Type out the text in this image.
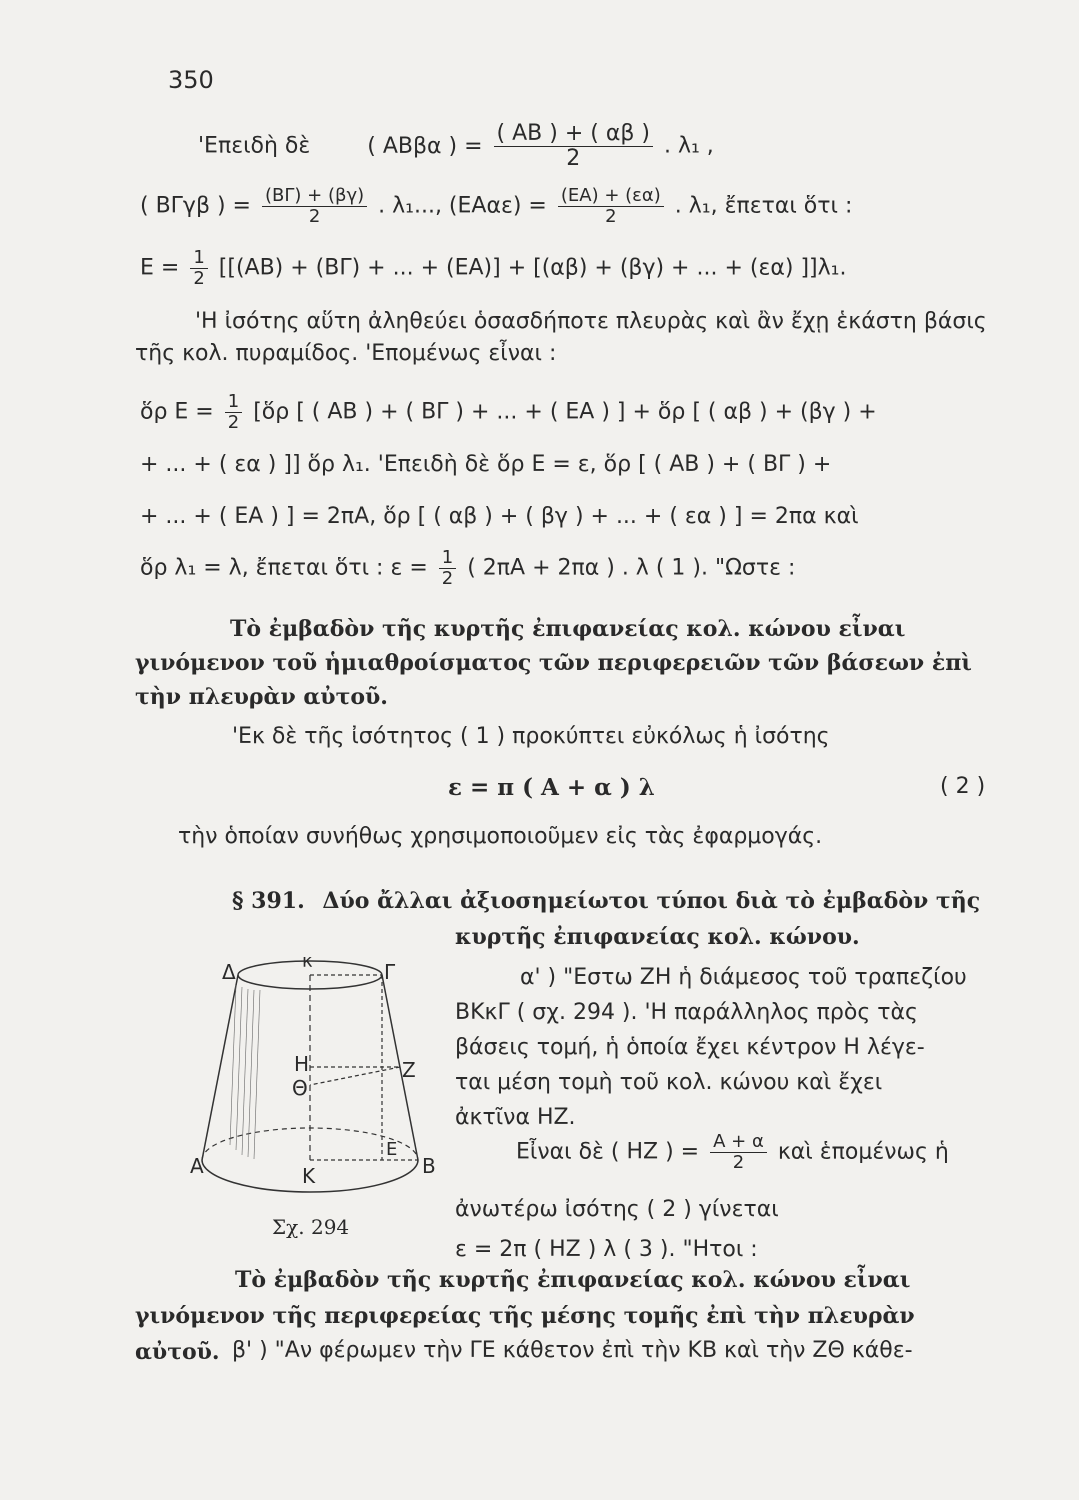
350
'Επειδὴ δὲ	( ΑΒβα ) = $\frac{( AB ) + ( \alpha\beta )}{2}$ . λ₁ ,
( ΒΓγβ ) = $\frac{(B\Gamma) + (\beta\gamma)}{2}$ . λ₁..., $(EA\alpha\varepsilon) = \frac{(EA) + (\varepsilon\alpha)}{2}$ . λ₁, ἔπεται ὅτι :
$E = \frac{1}{2} [[(AB) + (B\Gamma)$ + ... + (ΕΑ)] + [(αβ) + (βγ) + ... + (εα) ]]λ₁.
'Η ἰσότης αὕτη ἀληθεύει ὁσασδήποτε πλευρὰς καὶ ἂν ἔχῃ ἑκάστη βάσις τῆς κολ. πυραμίδος. 'Επομένως εἶναι :
ὅρ $E = \frac{1}{2}$ [ὅρ [ ( ΑΒ ) + ( ΒΓ ) + ... + ( ΕΑ ) ] + ὅρ [ ( αβ ) + (βγ ) +
+ ... + ( εα ) ]] ὅρ λ₁. 'Επειδὴ δὲ ὅρ Ε = ε, ὅρ [ ( ΑΒ ) + ( ΒΓ ) +
+ ... + ( ΕΑ ) ] = 2πΑ, ὅρ [ ( αβ ) + ( βγ ) + ... + ( εα ) ] = 2πα καὶ
ὅρ λ₁ = λ, ἔπεται ὅτι : $\varepsilon = \frac{1}{2}$ ( 2πΑ + 2πα ) . λ ( 1 ). "Ωστε :
Τὸ ἐμβαδὸν τῆς κυρτῆς ἐπιφανείας κολ. κώνου εἶναι γινόμενον τοῦ ἡμιαθροίσματος τῶν περιφερειῶν τῶν βάσεων ἐπὶ τὴν πλευρὰν αὐτοῦ.
'Εκ δὲ τῆς ἰσότητος ( 1 ) προκύπτει εὐκόλως ἡ ἰσότης
ε = π ( Α + α ) λ	( 2 )
τὴν ὁποίαν συνήθως χρησιμοποιοῦμεν εἰς τὰς ἐφαρμογάς.
§ 391. Δύο ἄλλαι ἀξιοσημείωτοι τύποι διὰ τὸ ἐμβαδὸν τῆς
κυρτῆς ἐπιφανείας κολ. κώνου.
α' ) "Εστω ΖΗ ἡ διάμεσος τοῦ τραπεζίου
ΒΚκΓ ( σχ. 294 ). 'Η παράλληλος πρὸς τὰς
βάσεις τομή, ἡ ὁποία ἔχει κέντρον Η λέγε-
ται μέση τομὴ τοῦ κολ. κώνου καὶ ἔχει
ἀκτῖνα ΗΖ.
Εἶναι δὲ ( ΗΖ ) = $\frac{A + \alpha}{2}$ καὶ ἑπομένως ἡ
ἀνωτέρω ἰσότης ( 2 ) γίνεται
ε = 2π ( ΗΖ ) λ ( 3 ). "Ητοι :
Δ	κ	Γ
Η	Ζ
Θ
Ε
Α	Κ	Β
Σχ. 294
Τὸ ἐμβαδὸν τῆς κυρτῆς ἐπιφανείας κολ. κώνου εἶναι γινόμενον τῆς περιφερείας τῆς μέσης τομῆς ἐπὶ τὴν πλευρὰν αὐτοῦ. β' ) "Αν φέρωμεν τὴν ΓΕ κάθετον ἐπὶ τὴν ΚΒ καὶ τὴν ΖΘ κάθε-
